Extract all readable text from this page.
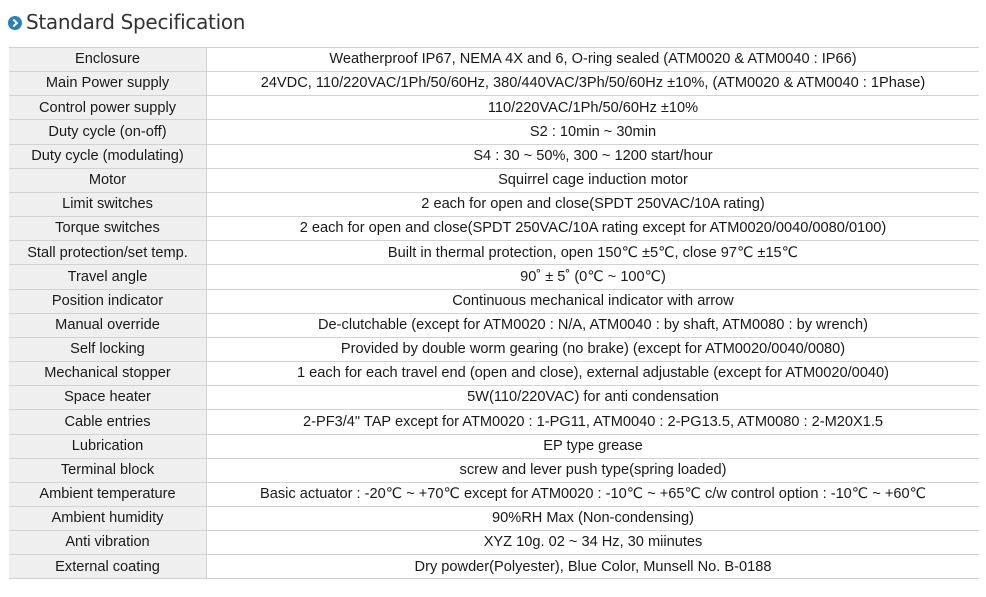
Standard Specification
Enclosure	Weatherproof IP67, NEMA 4X and 6, O-ring sealed (ATM0020 & ATM0040 : IP66)
Main Power supply	24VDC, 110/220VAC/1Ph/50/60Hz, 380/440VAC/3Ph/50/60Hz ±10%, (ATM0020 & ATM0040 : 1Phase)
Control power supply	110/220VAC/1Ph/50/60Hz ±10%
Duty cycle (on-off)	S2 : 10min ~ 30min
Duty cycle (modulating)	S4 : 30 ~ 50%, 300 ~ 1200 start/hour
Motor	Squirrel cage induction motor
Limit switches	2 each for open and close(SPDT 250VAC/10A rating)
Torque switches	2 each for open and close(SPDT 250VAC/10A rating except for ATM0020/0040/0080/0100)
Stall protection/set temp.	Built in thermal protection, open 150℃ ±5℃, close 97℃ ±15℃
Travel angle	90˚ ± 5˚ (0℃ ~ 100℃)
Position indicator	Continuous mechanical indicator with arrow
Manual override	De-clutchable (except for ATM0020 : N/A, ATM0040 : by shaft, ATM0080 : by wrench)
Self locking	Provided by double worm gearing (no brake) (except for ATM0020/0040/0080)
Mechanical stopper	1 each for each travel end (open and close), external adjustable (except for ATM0020/0040)
Space heater	5W(110/220VAC) for anti condensation
Cable entries	2-PF3/4" TAP except for ATM0020 : 1-PG11, ATM0040 : 2-PG13.5, ATM0080 : 2-M20X1.5
Lubrication	EP type grease
Terminal block	screw and lever push type(spring loaded)
Ambient temperature	Basic actuator : -20℃ ~ +70℃ except for ATM0020 : -10℃ ~ +65℃ c/w control option : -10℃ ~ +60℃
Ambient humidity	90%RH Max (Non-condensing)
Anti vibration	XYZ 10g. 02 ~ 34 Hz, 30 miinutes
External coating	Dry powder(Polyester), Blue Color, Munsell No. B-0188
